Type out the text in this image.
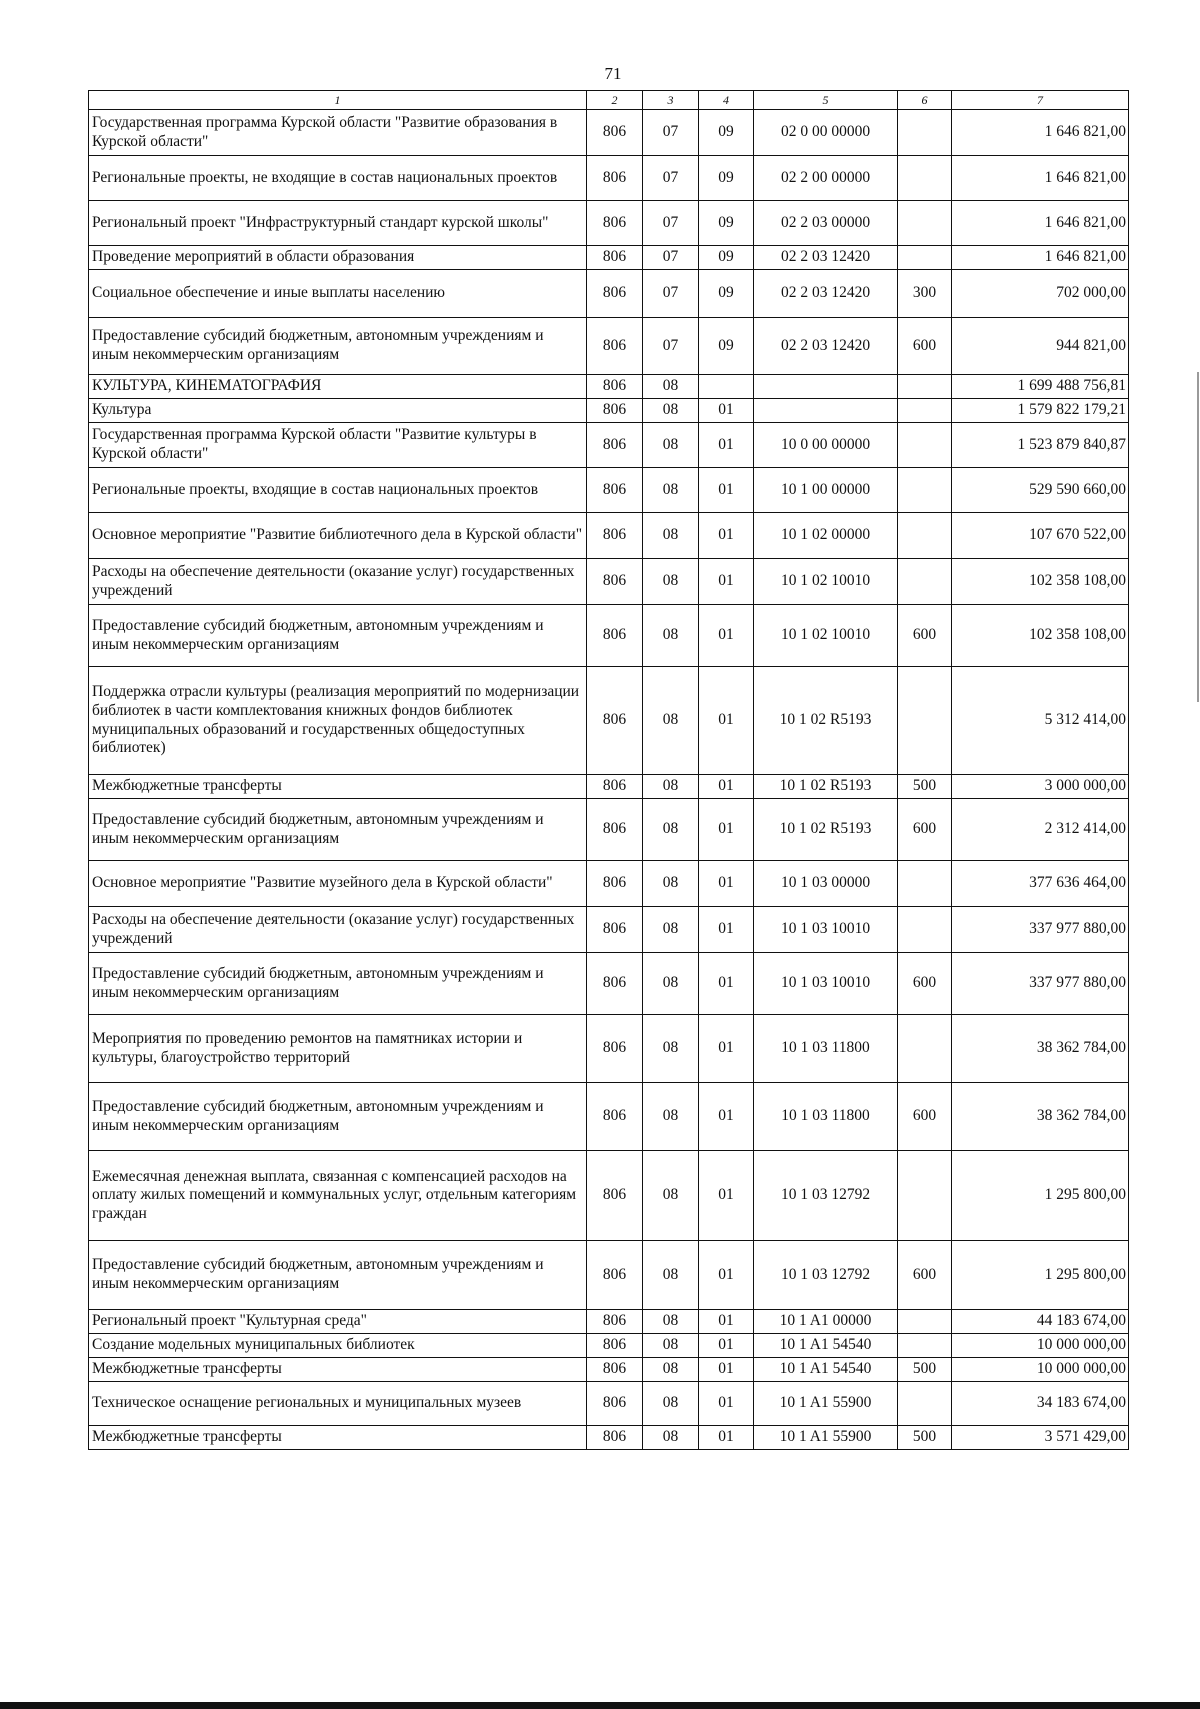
71
1	2	3	4	5	6	7
Государственная программа Курской области "Развитие образования в Курской области"	806	07	09	02 0 00 00000		1 646 821,00
Региональные проекты, не входящие в состав национальных проектов	806	07	09	02 2 00 00000		1 646 821,00
Региональный проект "Инфраструктурный стандарт курской школы"	806	07	09	02 2 03 00000		1 646 821,00
Проведение мероприятий в области образования	806	07	09	02 2 03 12420		1 646 821,00
Социальное обеспечение и иные выплаты населению	806	07	09	02 2 03 12420	300	702 000,00
Предоставление субсидий бюджетным, автономным учреждениям и иным некоммерческим организациям	806	07	09	02 2 03 12420	600	944 821,00
КУЛЬТУРА, КИНЕМАТОГРАФИЯ	806	08				1 699 488 756,81
Культура	806	08	01			1 579 822 179,21
Государственная программа Курской области "Развитие культуры в Курской области"	806	08	01	10 0 00 00000		1 523 879 840,87
Региональные проекты, входящие в состав национальных проектов	806	08	01	10 1 00 00000		529 590 660,00
Основное мероприятие "Развитие библиотечного дела в Курской области"	806	08	01	10 1 02 00000		107 670 522,00
Расходы на обеспечение деятельности (оказание услуг) государственных учреждений	806	08	01	10 1 02 10010		102 358 108,00
Предоставление субсидий бюджетным, автономным учреждениям и иным некоммерческим организациям	806	08	01	10 1 02 10010	600	102 358 108,00
Поддержка отрасли культуры (реализация мероприятий по модернизации библиотек в части комплектования книжных фондов библиотек муниципальных образований и государственных общедоступных библиотек)	806	08	01	10 1 02 R5193		5 312 414,00
Межбюджетные трансферты	806	08	01	10 1 02 R5193	500	3 000 000,00
Предоставление субсидий бюджетным, автономным учреждениям и иным некоммерческим организациям	806	08	01	10 1 02 R5193	600	2 312 414,00
Основное мероприятие "Развитие музейного дела в Курской области"	806	08	01	10 1 03 00000		377 636 464,00
Расходы на обеспечение деятельности (оказание услуг) государственных учреждений	806	08	01	10 1 03 10010		337 977 880,00
Предоставление субсидий бюджетным, автономным учреждениям и иным некоммерческим организациям	806	08	01	10 1 03 10010	600	337 977 880,00
Мероприятия по проведению ремонтов на памятниках истории и культуры, благоустройство территорий	806	08	01	10 1 03 11800		38 362 784,00
Предоставление субсидий бюджетным, автономным учреждениям и иным некоммерческим организациям	806	08	01	10 1 03 11800	600	38 362 784,00
Ежемесячная денежная выплата, связанная с компенсацией расходов на оплату жилых помещений и коммунальных услуг, отдельным категориям граждан	806	08	01	10 1 03 12792		1 295 800,00
Предоставление субсидий бюджетным, автономным учреждениям и иным некоммерческим организациям	806	08	01	10 1 03 12792	600	1 295 800,00
Региональный проект "Культурная среда"	806	08	01	10 1 A1 00000		44 183 674,00
Создание модельных муниципальных библиотек	806	08	01	10 1 A1 54540		10 000 000,00
Межбюджетные трансферты	806	08	01	10 1 A1 54540	500	10 000 000,00
Техническое оснащение региональных и муниципальных музеев	806	08	01	10 1 A1 55900		34 183 674,00
Межбюджетные трансферты	806	08	01	10 1 A1 55900	500	3 571 429,00
